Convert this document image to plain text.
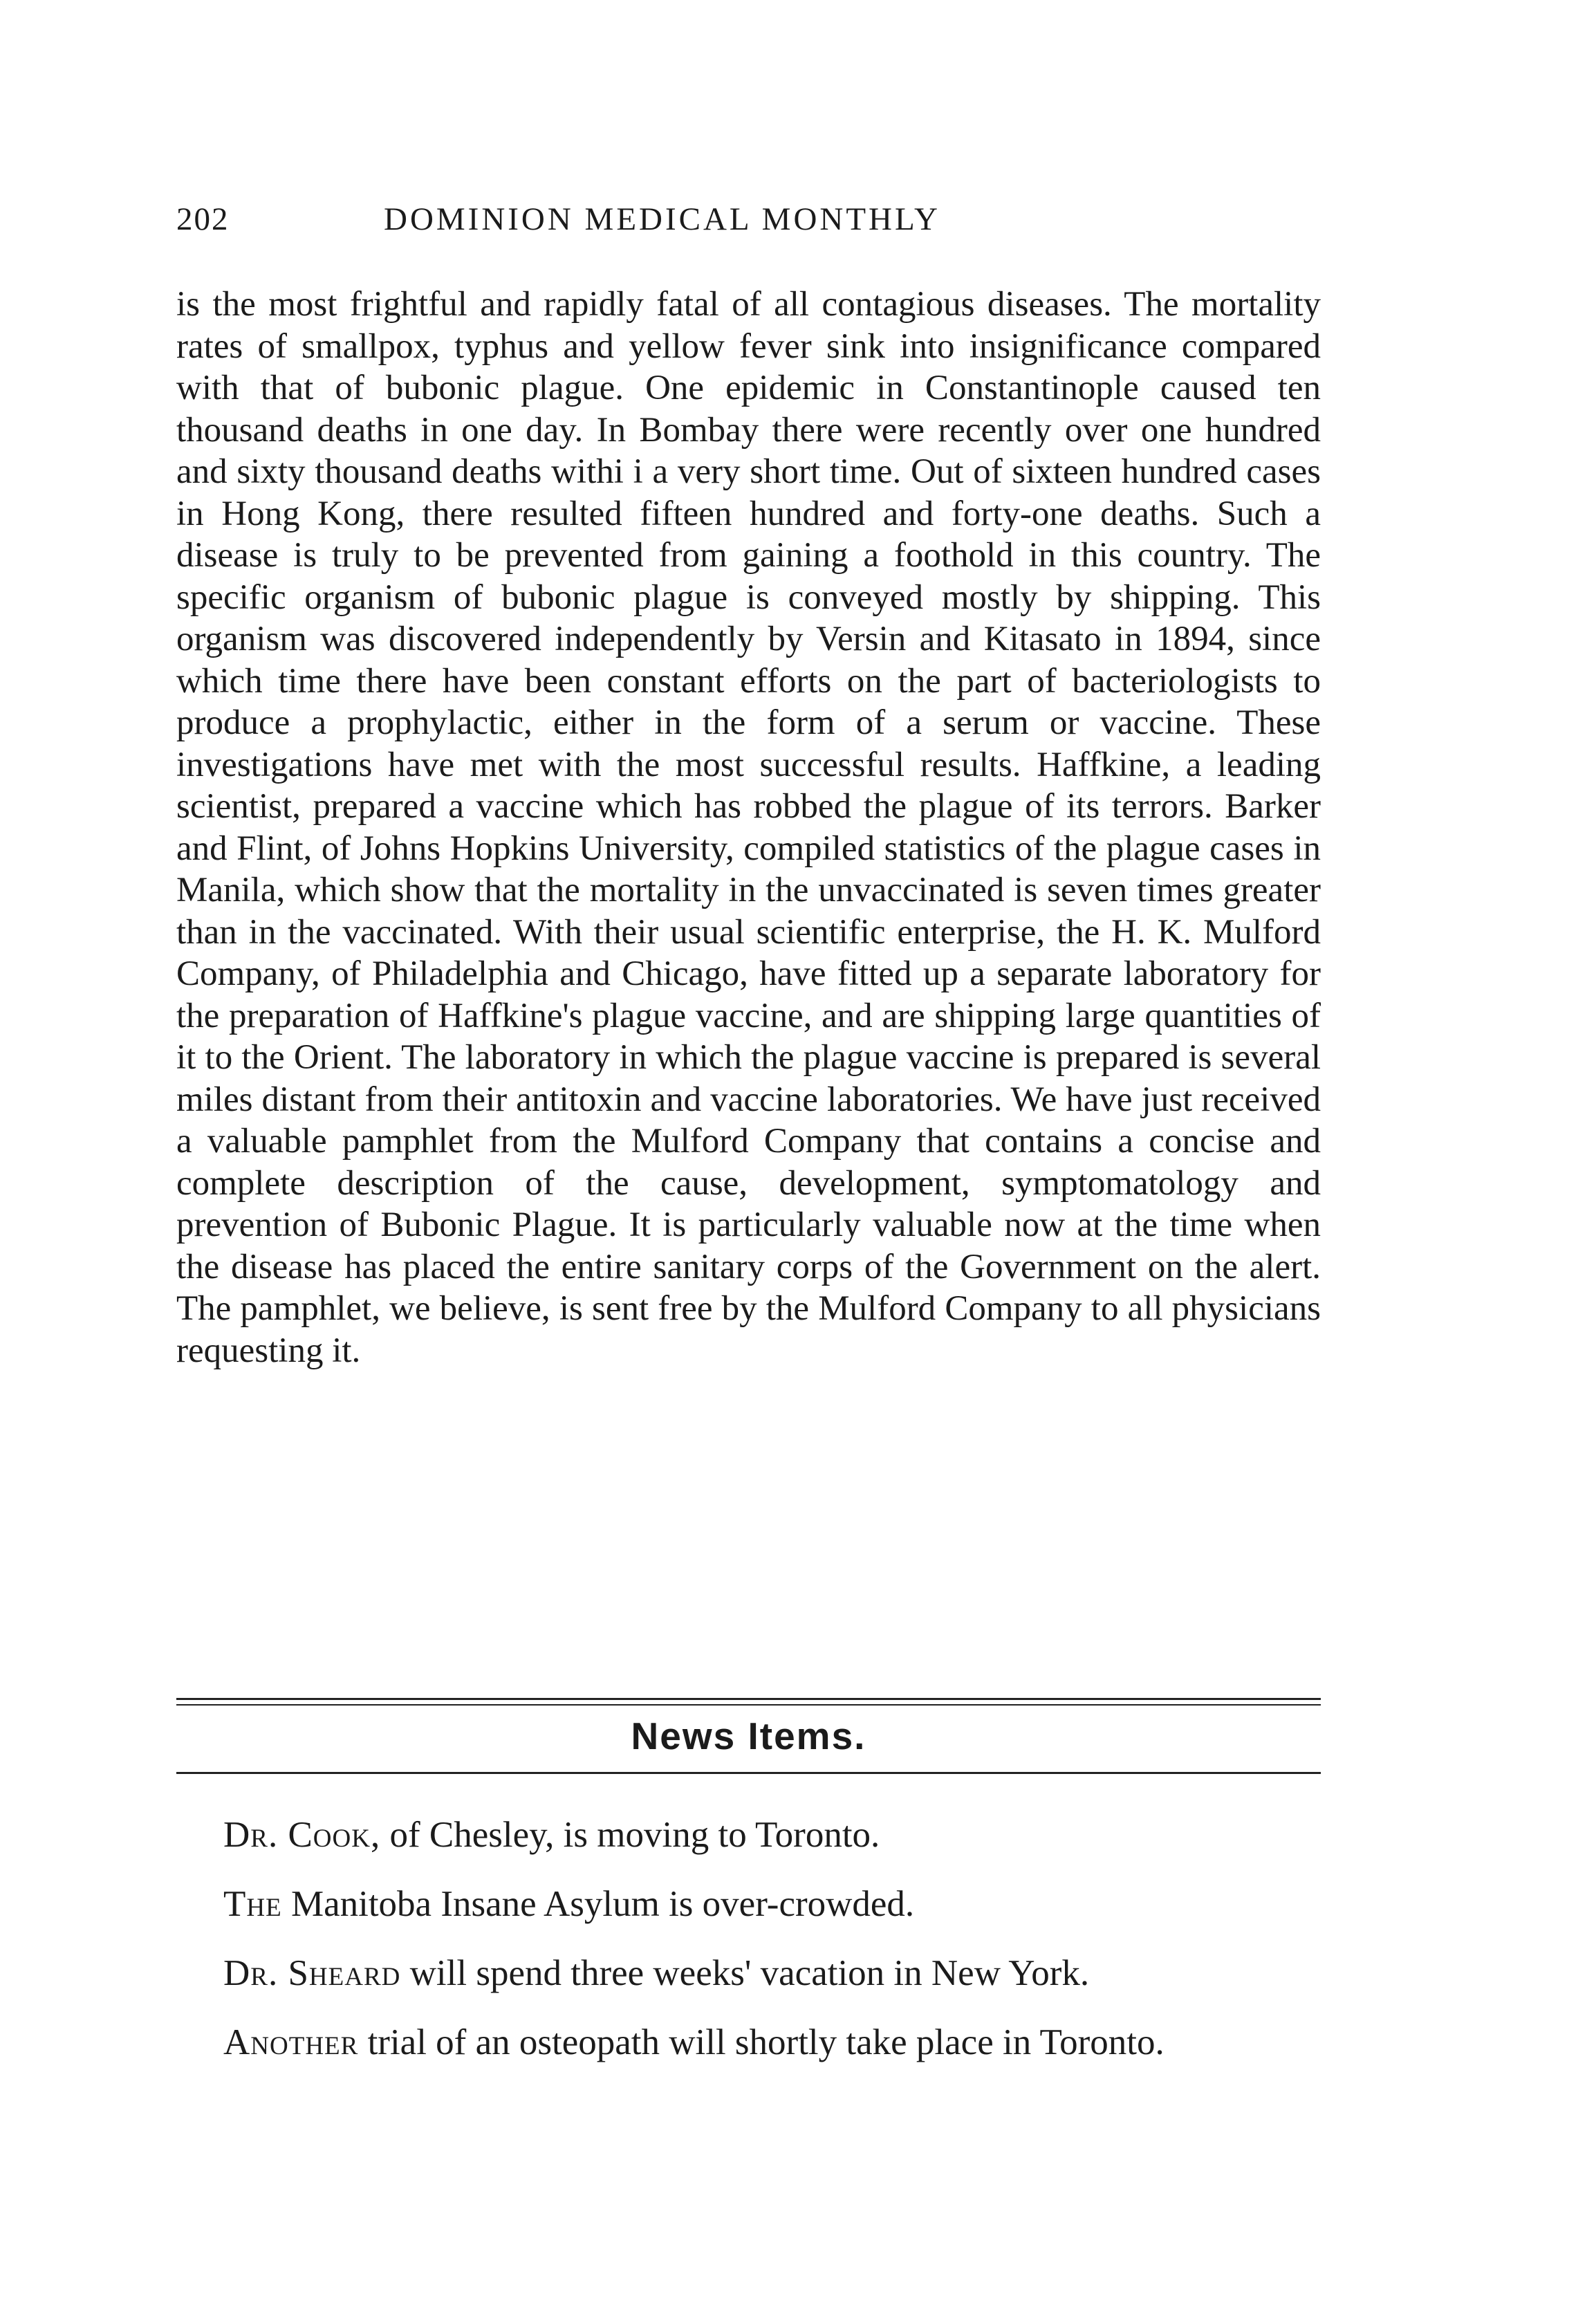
202	DOMINION MEDICAL MONTHLY

is the most frightful and rapidly fatal of all contagious diseases. The mortality rates of smallpox, typhus and yellow fever sink into insignificance compared with that of bubonic plague. One epidemic in Constantinople caused ten thousand deaths in one day. In Bombay there were recently over one hundred and sixty thousand deaths withi i a very short time. Out of sixteen hundred cases in Hong Kong, there resulted fifteen hundred and forty-one deaths. Such a disease is truly to be prevented from gaining a foothold in this country. The specific organism of bubonic plague is conveyed mostly by shipping. This organism was discovered independently by Versin and Kitasato in 1894, since which time there have been constant efforts on the part of bacteriologists to produce a prophylactic, either in the form of a serum or vaccine. These investigations have met with the most successful results. Haffkine, a leading scientist, prepared a vaccine which has robbed the plague of its terrors. Barker and Flint, of Johns Hopkins University, compiled statistics of the plague cases in Manila, which show that the mortality in the unvaccinated is seven times greater than in the vaccinated. With their usual scientific enterprise, the H. K. Mulford Company, of Philadelphia and Chicago, have fitted up a separate laboratory for the preparation of Haffkine's plague vaccine, and are shipping large quantities of it to the Orient. The laboratory in which the plague vaccine is prepared is several miles distant from their antitoxin and vaccine laboratories. We have just received a valuable pamphlet from the Mulford Company that contains a concise and complete description of the cause, development, symptomatology and prevention of Bubonic Plague. It is particularly valuable now at the time when the disease has placed the entire sanitary corps of the Government on the alert. The pamphlet, we believe, is sent free by the Mulford Company to all physicians requesting it.

News Items.
Dr. Cook, of Chesley, is moving to Toronto.
The Manitoba Insane Asylum is over-crowded.
Dr. Sheard will spend three weeks' vacation in New York.
Another trial of an osteopath will shortly take place in Toronto.
